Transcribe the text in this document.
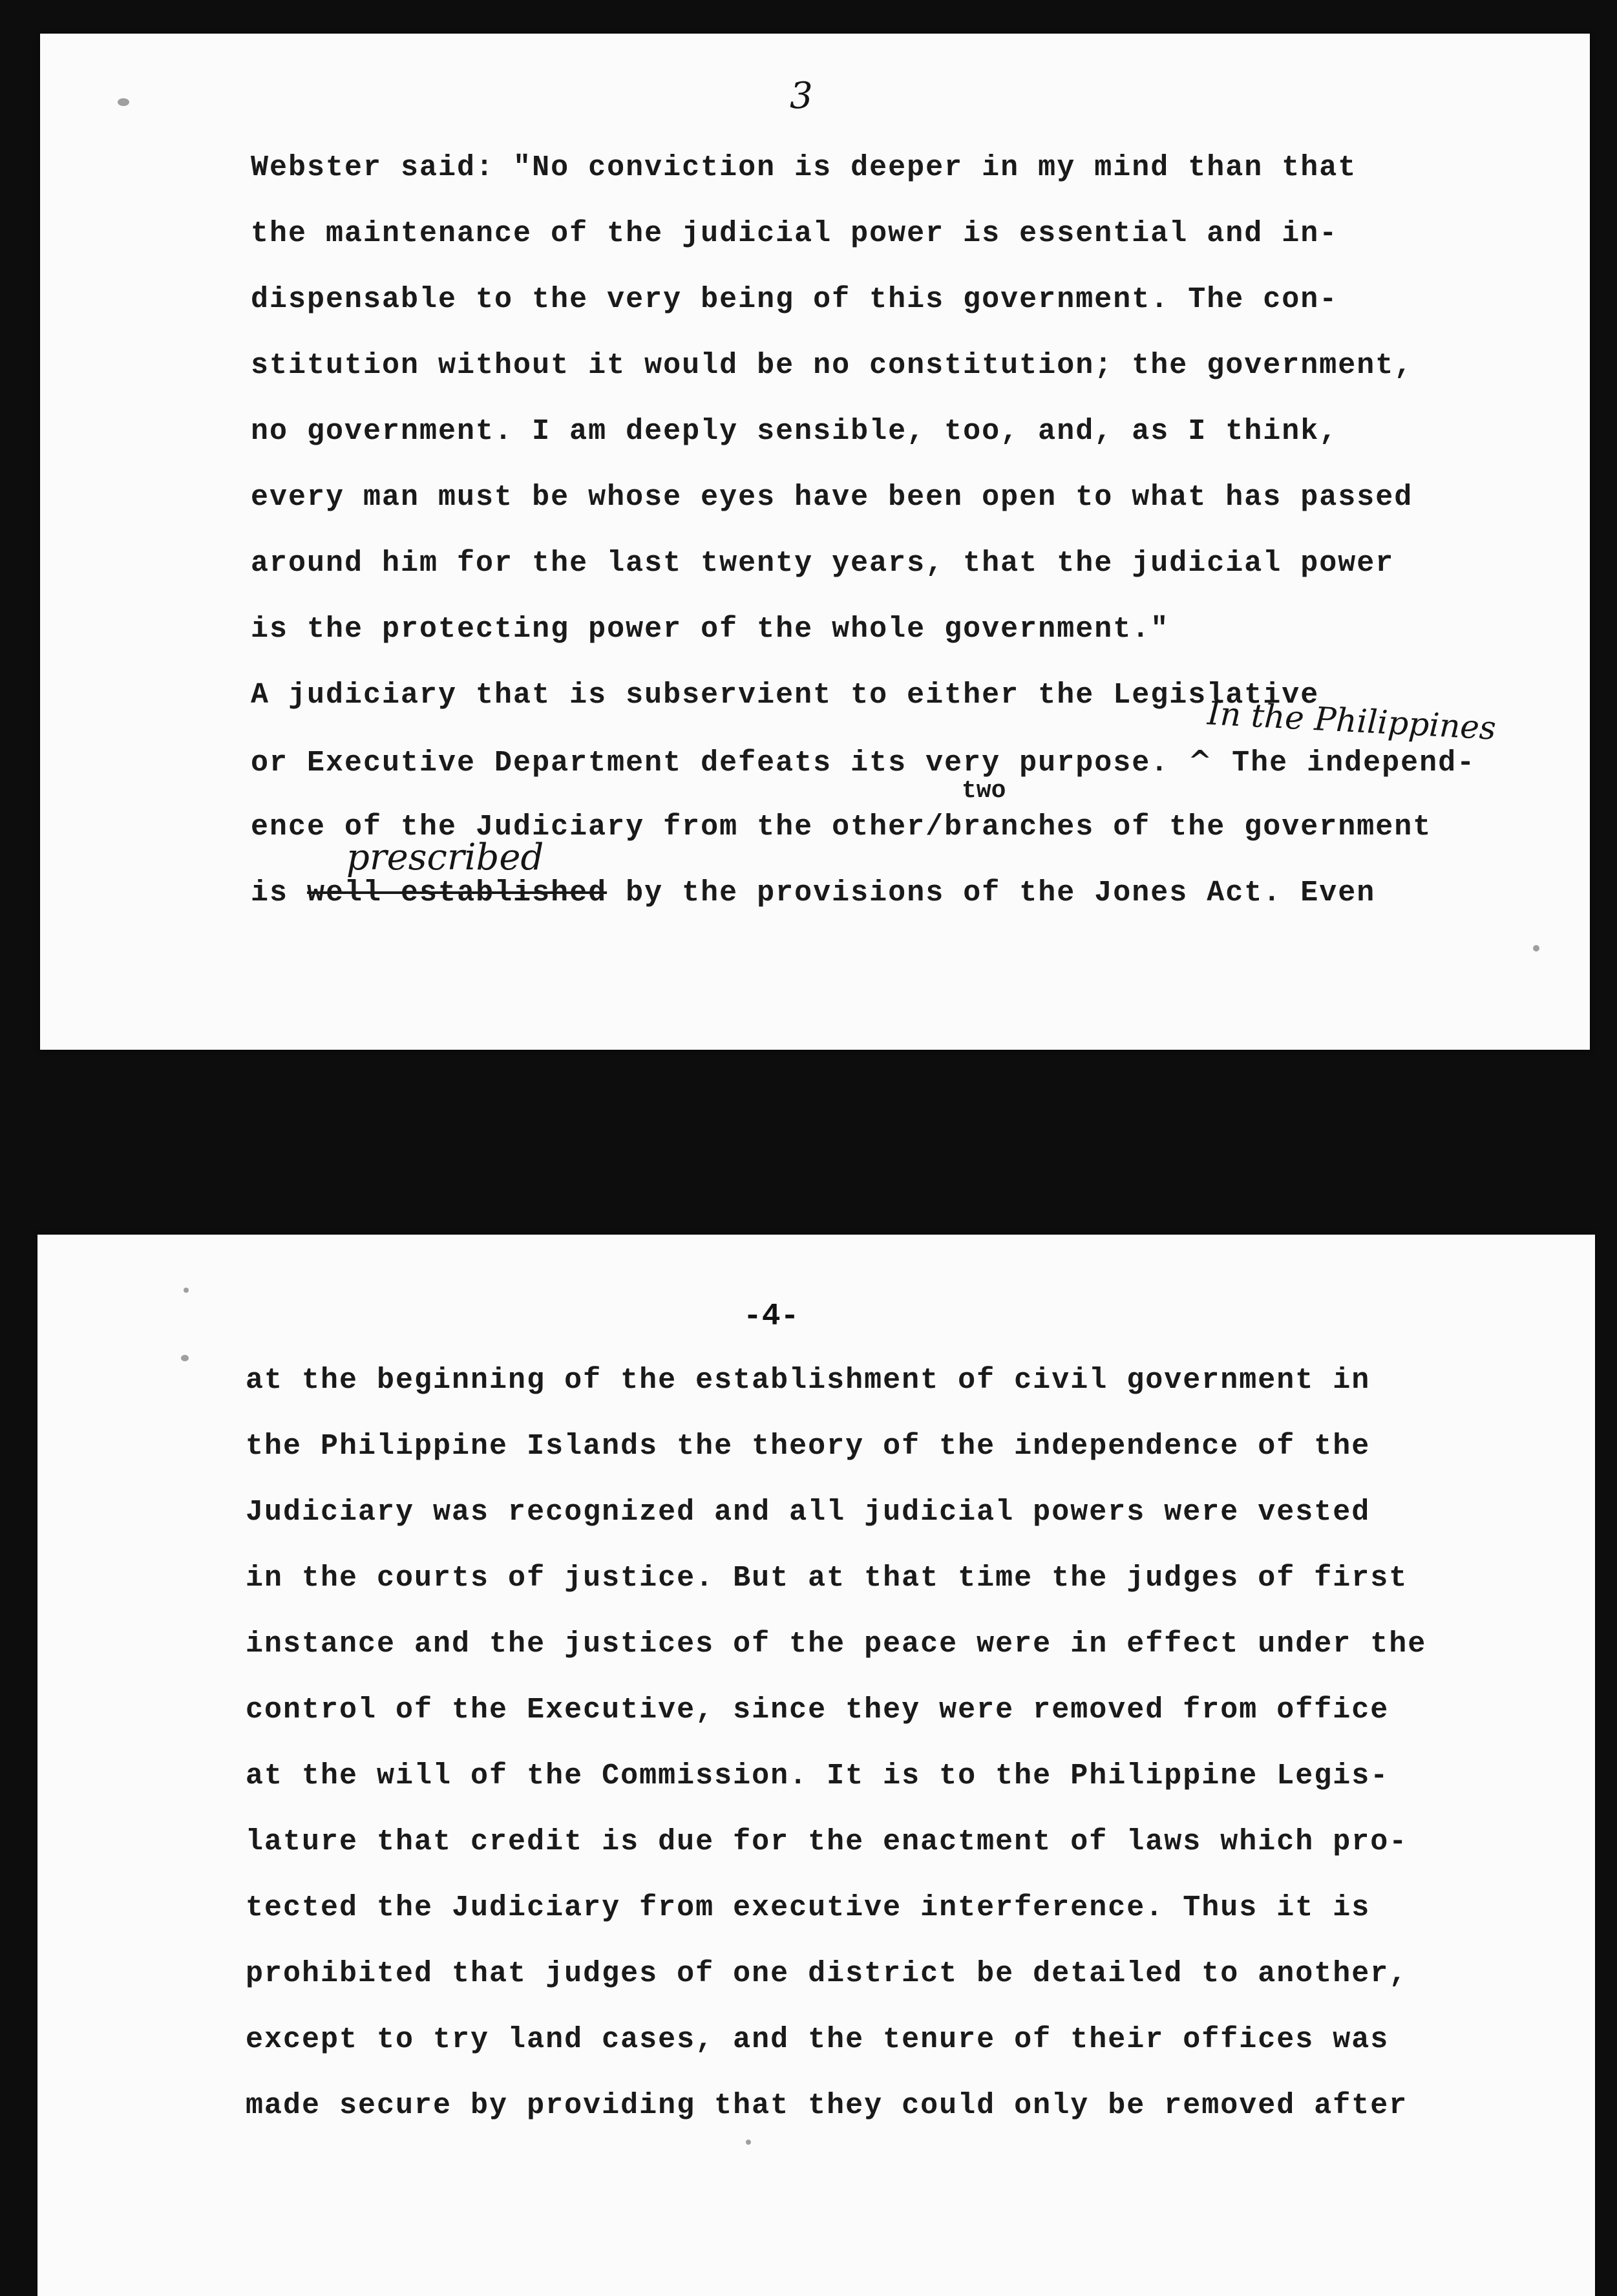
3
Webster said: "No conviction is deeper in my mind than that
the maintenance of the judicial power is essential and in-
dispensable to the very being of this government. The con-
stitution without it would be no constitution; the government,
no government. I am deeply sensible, too, and, as I think,
every man must be whose eyes have been open to what has passed
around him for the last twenty years, that the judicial power
is the protecting power of the whole government."
A judiciary that is subservient to either the Legislative
or Executive Department defeats its very purpose. ^ The independ-
In the Philippines
ence of the Judiciary from the other/branches of the government
two
is well established by the provisions of the Jones Act. Even
prescribed
-4-
at the beginning of the establishment of civil government in
the Philippine Islands the theory of the independence of the
Judiciary was recognized and all judicial powers were vested
in the courts of justice. But at that time the judges of first
instance and the justices of the peace were in effect under the
control of the Executive, since they were removed from office
at the will of the Commission. It is to the Philippine Legis-
lature that credit is due for the enactment of laws which pro-
tected the Judiciary from executive interference. Thus it is
prohibited that judges of one district be detailed to another,
except to try land cases, and the tenure of their offices was
made secure by providing that they could only be removed after
